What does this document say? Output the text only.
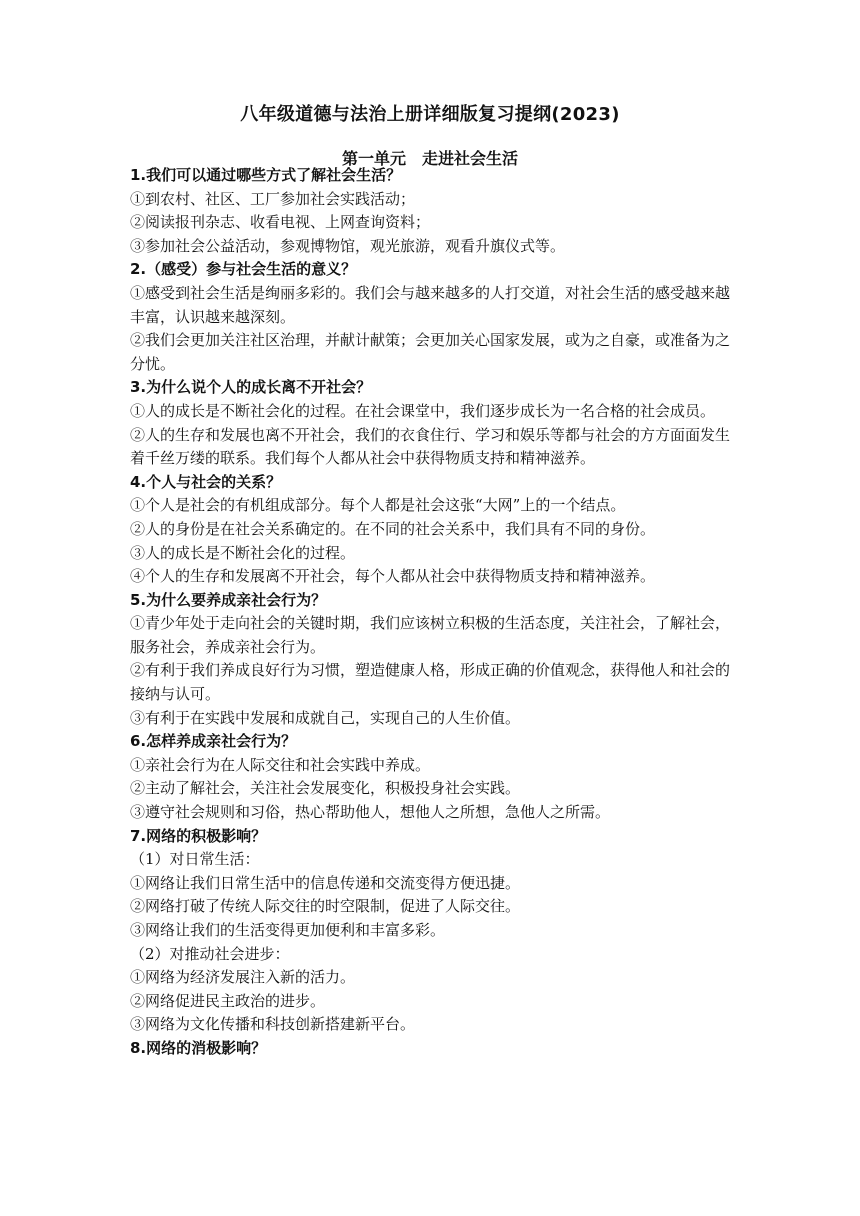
八年级道德与法治上册详细版复习提纲(2023)
第一单元　走进社会生活
1.我们可以通过哪些方式了解社会生活？
①到农村、社区、工厂参加社会实践活动；
②阅读报刊杂志、收看电视、上网查询资料；
③参加社会公益活动，参观博物馆，观光旅游，观看升旗仪式等。
2.（感受）参与社会生活的意义？
①感受到社会生活是绚丽多彩的。我们会与越来越多的人打交道，对社会生活的感受越来越丰富，认识越来越深刻。
②我们会更加关注社区治理，并献计献策；会更加关心国家发展，或为之自豪，或准备为之分忧。
3.为什么说个人的成长离不开社会？
①人的成长是不断社会化的过程。在社会课堂中，我们逐步成长为一名合格的社会成员。
②人的生存和发展也离不开社会，我们的衣食住行、学习和娱乐等都与社会的方方面面发生着千丝万缕的联系。我们每个人都从社会中获得物质支持和精神滋养。
4.个人与社会的关系？
①个人是社会的有机组成部分。每个人都是社会这张“大网”上的一个结点。
②人的身份是在社会关系确定的。在不同的社会关系中，我们具有不同的身份。
③人的成长是不断社会化的过程。
④个人的生存和发展离不开社会，每个人都从社会中获得物质支持和精神滋养。
5.为什么要养成亲社会行为？
①青少年处于走向社会的关键时期，我们应该树立积极的生活态度，关注社会，了解社会，服务社会，养成亲社会行为。
②有利于我们养成良好行为习惯，塑造健康人格，形成正确的价值观念，获得他人和社会的接纳与认可。
③有利于在实践中发展和成就自己，实现自己的人生价值。
6.怎样养成亲社会行为？
①亲社会行为在人际交往和社会实践中养成。
②主动了解社会，关注社会发展变化，积极投身社会实践。
③遵守社会规则和习俗，热心帮助他人，想他人之所想，急他人之所需。
7.网络的积极影响？
（1）对日常生活：
①网络让我们日常生活中的信息传递和交流变得方便迅捷。
②网络打破了传统人际交往的时空限制，促进了人际交往。
③网络让我们的生活变得更加便利和丰富多彩。
（2）对推动社会进步：
①网络为经济发展注入新的活力。
②网络促进民主政治的进步。
③网络为文化传播和科技创新搭建新平台。
8.网络的消极影响？
